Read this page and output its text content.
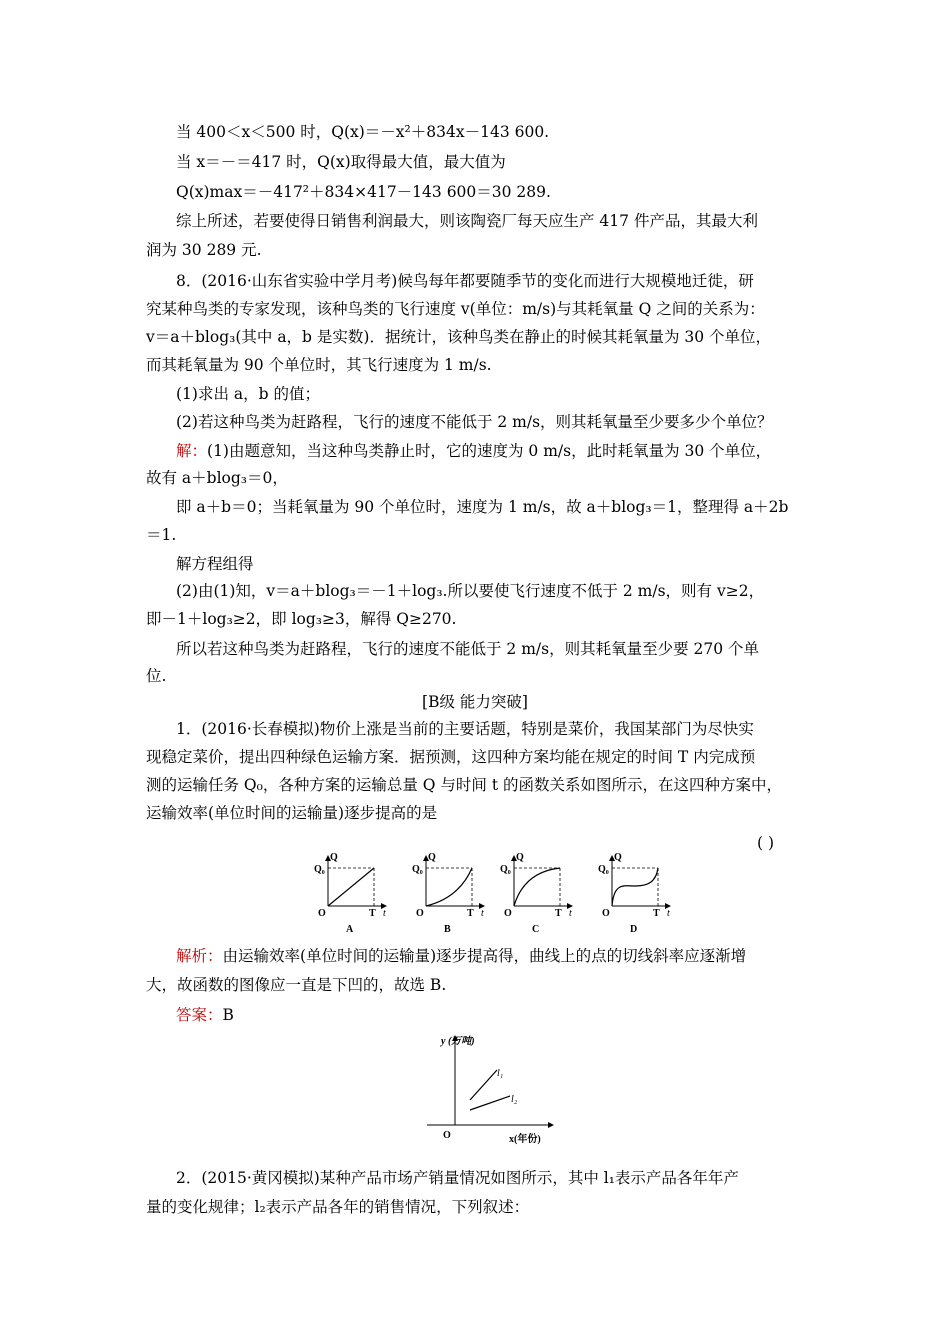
当 400＜x＜500 时，Q(x)＝－x²＋834x－143 600.
当 x＝－＝417 时，Q(x)取得最大值，最大值为
Q(x)max＝－417²＋834×417－143 600＝30 289.
综上所述，若要使得日销售利润最大，则该陶瓷厂每天应生产 417 件产品，其最大利
润为 30 289 元.
8．(2016·山东省实验中学月考)候鸟每年都要随季节的变化而进行大规模地迁徙，研
究某种鸟类的专家发现，该种鸟类的飞行速度 v(单位：m/s)与其耗氧量 Q 之间的关系为：
v＝a＋blog₃(其中 a，b 是实数)．据统计，该种鸟类在静止的时候其耗氧量为 30 个单位，
而其耗氧量为 90 个单位时，其飞行速度为 1 m/s.
(1)求出 a，b 的值；
(2)若这种鸟类为赶路程，飞行的速度不能低于 2 m/s，则其耗氧量至少要多少个单位？
解：(1)由题意知，当这种鸟类静止时，它的速度为 0 m/s，此时耗氧量为 30 个单位，
故有 a＋blog₃＝0，
即 a＋b＝0；当耗氧量为 90 个单位时，速度为 1 m/s，故 a＋blog₃＝1，整理得 a＋2b
＝1.
解方程组得
(2)由(1)知，v＝a＋blog₃＝－1＋log₃.所以要使飞行速度不低于 2 m/s，则有 v≥2，
即－1＋log₃≥2，即 log₃≥3，解得 Q≥270.
所以若这种鸟类为赶路程，飞行的速度不能低于 2 m/s，则其耗氧量至少要 270 个单
位.
[B级 能力突破]
1．(2016·长春模拟)物价上涨是当前的主要话题，特别是菜价，我国某部门为尽快实
现稳定菜价，提出四种绿色运输方案．据预测，这四种方案均能在规定的时间 T 内完成预
测的运输任务 Q₀，各种方案的运输总量 Q 与时间 t 的函数关系如图所示，在这四种方案中，
运输效率(单位时间的运输量)逐步提高的是
( )
Q₀
Q
O	T t
A
Q₀
Q
O	T t
B
Q₀
Q
O	T t
C
Q₀
Q
O	T t
D
解析：由运输效率(单位时间的运输量)逐步提高得，曲线上的点的切线斜率应逐渐增
大，故函数的图像应一直是下凹的，故选 B.
答案：B
y (万吨)
x(年份)
O
l₁
l₂
2．(2015·黄冈模拟)某种产品市场产销量情况如图所示，其中 l₁表示产品各年年产
量的变化规律；l₂表示产品各年的销售情况，下列叙述：
